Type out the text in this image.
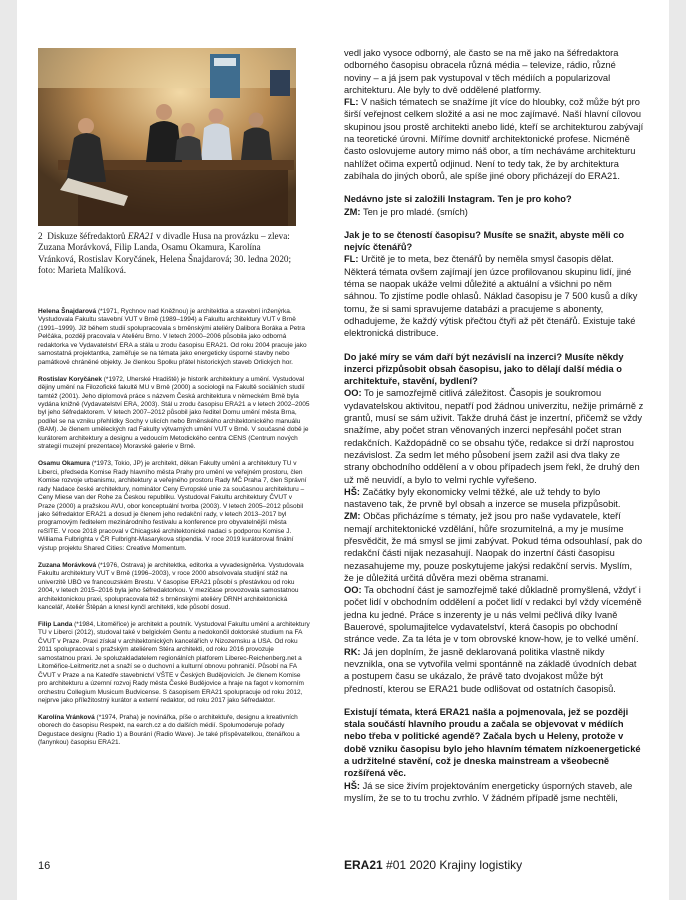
2 Diskuze šéfredaktorů ERA21 v divadle Husa na provázku – zleva: Zuzana Morávková, Filip Landa, Osamu Okamura, Karolína Vránková, Rostislav Koryčánek, Helena Šnajdarová; 30. ledna 2020; foto: Marieta Malíková.

Helena Šnajdarová (*1971, Rychnov nad Kněžnou) je architektka a stavební inženýrka. Vystudovala Fakultu stavební VUT v Brně (1989–1994) a Fakultu architektury VUT v Brně (1991–1999). Již během studií spolupracovala s brněnskými ateliéry Dalibora Boráka a Petra Pelčáka, později pracovala v Ateliéru Brno. V letech 2000–2006 působila jako odborná redaktorka ve Vydavatelství ERA a stála u zrodu časopisu ERA21. Od roku 2004 pracuje jako samostatná projektantka, zaměřuje se na témata jako energeticky úsporné stavby nebo památkově chráněné objekty. Je členkou Spolku přátel historických staveb Orlických hor.

Rostislav Koryčánek (*1972, Uherské Hradiště) je historik architektury a umění. Vystudoval dějiny umění na Filozofické fakultě MU v Brně (2000) a sociologii na Fakultě sociálních studií tamtéž (2001). Jeho diplomová práce s názvem Česká architektura v německém Brně byla vydána knižně (Vydavatelství ERA, 2003). Stál u zrodu časopisu ERA21 a v letech 2002–2005 byl jeho šéfredaktorem. V letech 2007–2012 působil jako ředitel Domu umění města Brna, podílel se na vzniku přehlídky Sochy v ulicích nebo Brněnského architektonického manuálu (BAM). Je členem uměleckých rad Fakulty výtvarných umění VUT v Brně. V současné době je kurátorem architektury a designu a vedoucím Metodického centra CENS (Centrum nových strategií muzejní prezentace) Moravské galerie v Brně.

Osamu Okamura (*1973, Tokio, JP) je architekt, děkan Fakulty umění a architektury TU v Liberci, předseda Komise Rady hlavního města Prahy pro umění ve veřejném prostoru, člen Komise rozvoje urbanismu, architektury a veřejného prostoru Rady MČ Praha 7, člen Správní rady Nadace české architektury, nominátor Ceny Evropské unie za současnou architekturu – Ceny Miese van der Rohe za Českou republiku. Vystudoval Fakultu architektury ČVUT v Praze (2000) a pražskou AVU, obor konceptuální tvorba (2003). V letech 2005–2012 působil jako šéfredaktor ERA21 a dosud je členem jeho redakční rady, v letech 2013–2017 byl programovým ředitelem mezinárodního festivalu a konference pro obyvatelnější města reSITE. V roce 2018 pracoval v Chicagské architektonické nadaci s podporou Komise J. Williama Fulbrighta v ČR Fulbright-Masarykova stipendia. V roce 2019 kurátoroval finální výstup projektu Shared Cities: Creative Momentum.

Zuzana Morávková (*1976, Ostrava) je architektka, editorka a vyvadesigněrka. Vystudovala Fakultu architektury VUT v Brně (1996–2003), v roce 2000 absolvovala studijní stáž na univerzitě UBO ve francouzském Brestu. V časopise ERA21 působí s přestávkou od roku 2004, v letech 2015–2016 byla jeho šéfredaktorkou. V mezičase provozovala samostatnou architektonickou praxi, spolupracovala též s brněnskými ateliéry DRNH architektonická kancelář, Ateliér Štěpán a knesl kynčl architekti, kde působí dosud.

Filip Landa (*1984, Litoměřice) je architekt a poutník. Vystudoval Fakultu umění a architektury TU v Liberci (2012), studoval také v belgickém Gentu a nedokončil doktorské studium na FA ČVUT v Praze. Praxi získal v architektonických kancelářích v Nizozemsku a USA. Od roku 2011 spolupracoval s pražským ateliérem Stéra architekti, od roku 2016 provozuje samostatnou praxi. Je spoluzakladatelem regionálních platforem Liberec-Reichenberg.net a Litoměřice-Leitmeritz.net a snaží se o duchovní a kulturní obnovu pohraničí. Působí na FA ČVUT v Praze a na Katedře stavebnictví VŠTE v Českých Budějovicích. Je členem Komise pro architekturu a územní rozvoj Rady města České Budějovice a hraje na fagot v komorním orchestru Collegium Musicum Budvicense. S časopisem ERA21 spolupracuje od roku 2012, nejprve jako příležitostný kurátor a externí redaktor, od roku 2017 jako šéfredaktor.

Karolína Vránková (*1974, Praha) je novinářka, píše o architektuře, designu a kreativních oborech do časopisu Respekt, na earch.cz a do dalších médií. Spolumoderuje pořady Degustace designu (Radio 1) a Bourání (Radio Wave). Je také příspěvatelkou, čtenářkou a (fanynkou) časopisu ERA21.

vedl jako vysoce odborný, ale často se na mě jako na šéfredaktora odborného časopisu obracela různá média – televize, rádio, různé noviny – a já jsem pak vystupoval v těch médiích a popularizoval architekturu. Ale byly to dvě oddělené platformy.

FL: V našich tématech se snažíme jít více do hloubky, což může být pro širší veřejnost celkem složité a asi ne moc zajímavé. Naší hlavní cílovou skupinou jsou prostě architekti anebo lidé, kteří se architekturou zabývají na teoretické úrovni. Míříme dovnitř architektonické profese. Nicméně často oslovujeme autory mimo náš obor, a tím necháváme architekturu nahlížet očima expertů odjinud. Není to tedy tak, že by architektura zabíhala do jiných oborů, ale spíše jiné obory přicházejí do ERA21.

Nedávno jste si založili Instagram. Ten je pro koho?

ZM: Ten je pro mladé. (smích)

Jak je to se čteností časopisu? Musíte se snažit, abyste měli co nejvíc čtenářů?

FL: Určitě je to meta, bez čtenářů by neměla smysl časopis dělat. Některá témata ovšem zajímají jen úzce profilovanou skupinu lidí, jiné téma se naopak ukáže velmi důležité a aktuální a všichni po něm sáhnou. To zjistíme podle ohlasů. Náklad časopisu je 7 500 kusů a díky tomu, že si sami spravujeme databázi a pracujeme s abonenty, odhadujeme, že každý výtisk přečtou čtyři až pět čtenářů. Existuje také elektronická distribuce.

Do jaké míry se vám daří být nezávislí na inzerci? Musíte někdy inzerci přizpůsobit obsah časopisu, jako to dělají další média o architektuře, stavění, bydlení?

OO: To je samozřejmě citlivá záležitost. Časopis je soukromou vydavatelskou aktivitou, nepatří pod žádnou univerzitu, nežije primárně z grantů, musí se sám uživit. Takže druhá část je inzertní, přičemž se vždy snažíme, aby počet stran věnovaných inzerci nepřesáhl počet stran redakčních. Každopádně co se obsahu týče, redakce si drží naprostou nezávislost. Za sedm let mého působení jsem zažil asi dva tlaky ze strany obchodního oddělení a v obou případech jsem řekl, že druhý den už mě neuvidí, a bylo to velmi rychle vyřešeno.

HŠ: Začátky byly ekonomicky velmi těžké, ale už tehdy to bylo nastaveno tak, že prvně byl obsah a inzerce se musela přizpůsobit.

ZM: Občas přicházíme s tématy, jež jsou pro naše vydavatele, kteří nemají architektonické vzdělání, hůře srozumitelná, a my je musíme přesvědčit, že má smysl se jimi zabývat. Pokud téma odsouhlasí, pak do redakční části nijak nezasahují. Naopak do inzertní části časopisu nezasahujeme my, pouze poskytujeme jakýsi redakční servis. Myslím, že je důležitá určitá důvěra mezi oběma stranami.

OO: Ta obchodní část je samozřejmě také důkladně promyšlená, vždyť i počet lidí v obchodním oddělení a počet lidí v redakci byl vždy víceméně jedna ku jedné. Práce s inzerenty je u nás velmi pečlivá díky Ivaně Bauerové, spolumajitelce vydavatelství, která časopis po obchodní stránce vede. Za ta léta je v tom obrovské know-how, je to velké umění.

RK: Já jen doplním, že jasně deklarovaná politika vlastně nikdy nevznikla, ona se vytvořila velmi spontánně na základě úvodních debat a postupem času se ukázalo, že právě tato dvojakost může být předností, kterou se ERA21 bude odlišovat od ostatních časopisů.

Existují témata, která ERA21 našla a pojmenovala, jež se později stala součástí hlavního proudu a začala se objevovat v médiích nebo třeba v politické agendě? Začala bych u Heleny, protože v době vzniku časopisu bylo jeho hlavním tématem nízkoenergetické a udržitelné stavění, což je dneska mainstream a všeobecně rozšířená věc.

HŠ: Já se sice živím projektováním energeticky úsporných staveb, ale myslím, že se to tu trochu zvrhlo. V žádném případě jsme nechtěli,

16	ERA21 #01 2020 Krajiny logistiky
